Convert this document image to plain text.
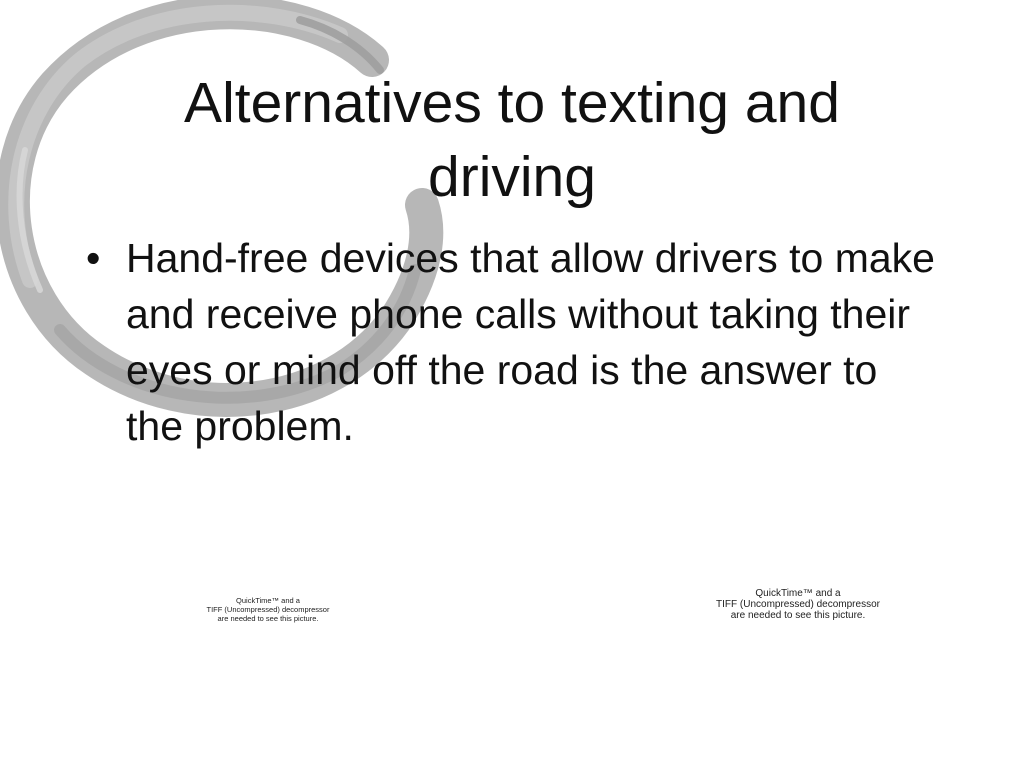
Alternatives to texting and
driving
• Hand-free devices that allow drivers to make and receive phone calls without taking their eyes or mind off the road is the answer to the problem.
QuickTime™ and a
TIFF (Uncompressed) decompressor
are needed to see this picture.
QuickTime™ and a
TIFF (Uncompressed) decompressor
are needed to see this picture.
